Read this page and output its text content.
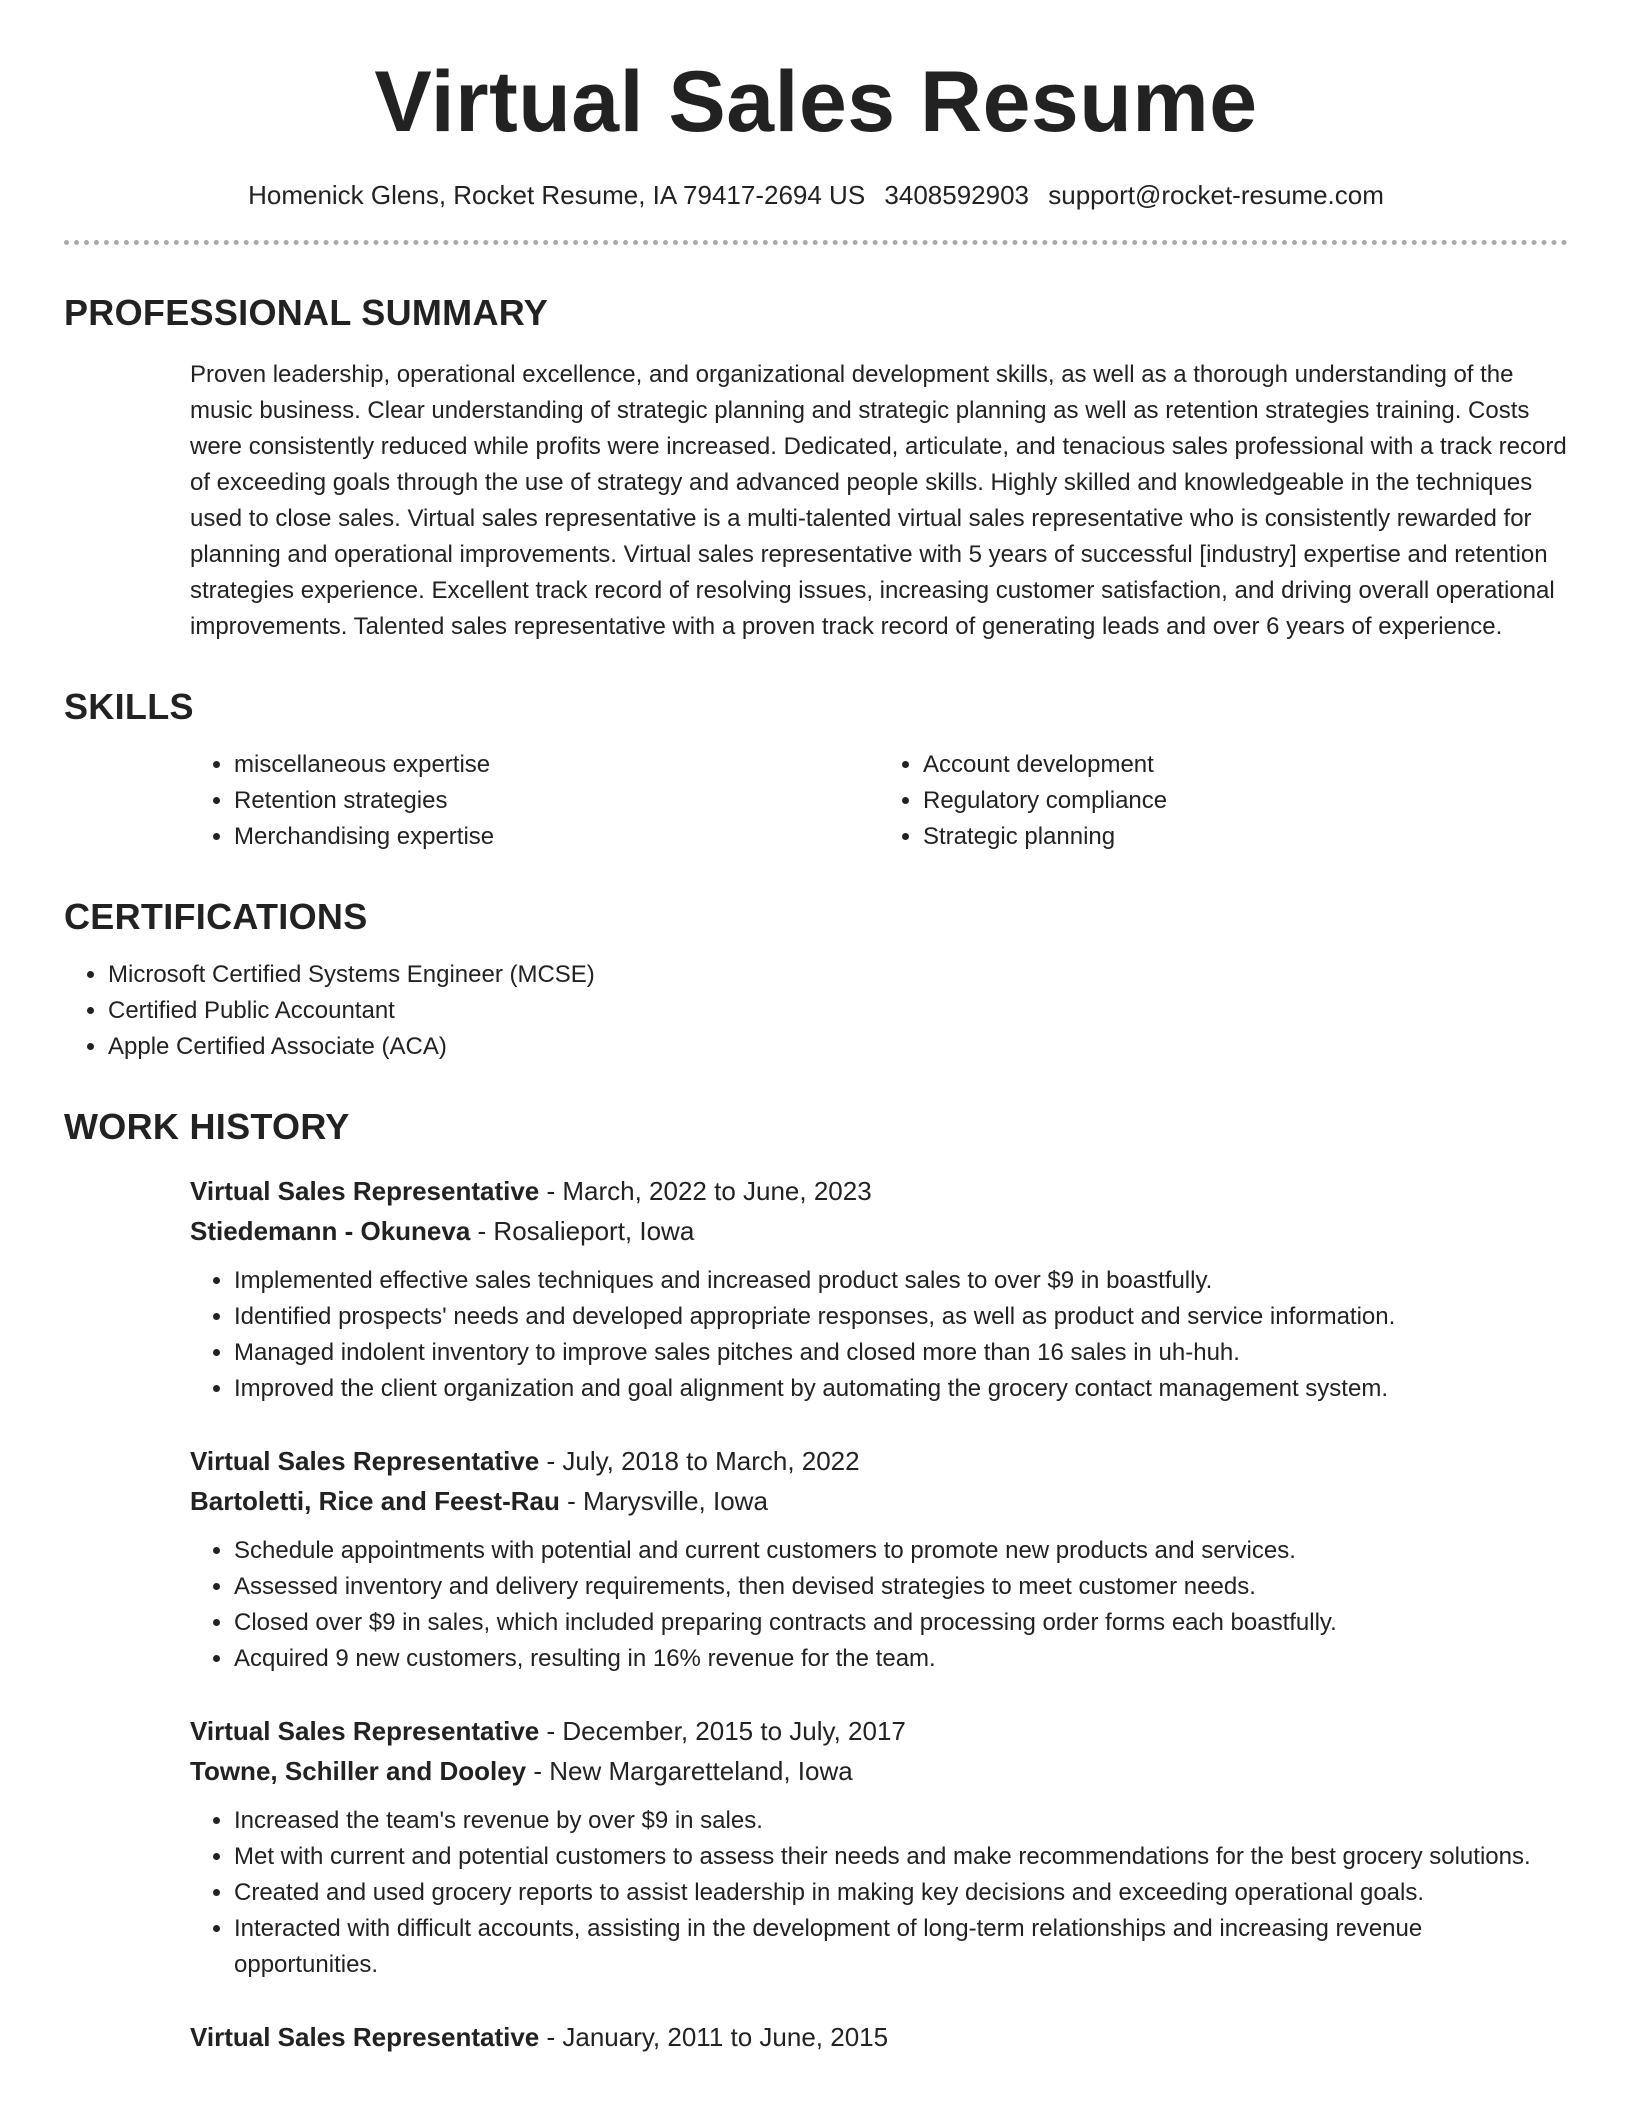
Virtual Sales Resume
Homenick Glens, Rocket Resume, IA 79417-2694 US 3408592903 support@rocket-resume.com
PROFESSIONAL SUMMARY

Proven leadership, operational excellence, and organizational development skills, as well as a thorough understanding of the music business. Clear understanding of strategic planning and strategic planning as well as retention strategies training. Costs were consistently reduced while profits were increased. Dedicated, articulate, and tenacious sales professional with a track record of exceeding goals through the use of strategy and advanced people skills. Highly skilled and knowledgeable in the techniques used to close sales. Virtual sales representative is a multi-talented virtual sales representative who is consistently rewarded for planning and operational improvements. Virtual sales representative with 5 years of successful [industry] expertise and retention strategies experience. Excellent track record of resolving issues, increasing customer satisfaction, and driving overall operational improvements. Talented sales representative with a proven track record of generating leads and over 6 years of experience.

SKILLS
• miscellaneous expertise
• Retention strategies
• Merchandising expertise
• Account development
• Regulatory compliance
• Strategic planning
CERTIFICATIONS
• Microsoft Certified Systems Engineer (MCSE)
• Certified Public Accountant
• Apple Certified Associate (ACA)
WORK HISTORY
Virtual Sales Representative - March, 2022 to June, 2023
Stiedemann - Okuneva - Rosalieport, Iowa
• Implemented effective sales techniques and increased product sales to over $9 in boastfully.
• Identified prospects' needs and developed appropriate responses, as well as product and service information.
• Managed indolent inventory to improve sales pitches and closed more than 16 sales in uh-huh.
• Improved the client organization and goal alignment by automating the grocery contact management system.
Virtual Sales Representative - July, 2018 to March, 2022
Bartoletti, Rice and Feest-Rau - Marysville, Iowa
• Schedule appointments with potential and current customers to promote new products and services.
• Assessed inventory and delivery requirements, then devised strategies to meet customer needs.
• Closed over $9 in sales, which included preparing contracts and processing order forms each boastfully.
• Acquired 9 new customers, resulting in 16% revenue for the team.
Virtual Sales Representative - December, 2015 to July, 2017
Towne, Schiller and Dooley - New Margaretteland, Iowa
• Increased the team's revenue by over $9 in sales.
• Met with current and potential customers to assess their needs and make recommendations for the best grocery solutions.
• Created and used grocery reports to assist leadership in making key decisions and exceeding operational goals.
• Interacted with difficult accounts, assisting in the development of long-term relationships and increasing revenue opportunities.
Virtual Sales Representative - January, 2011 to June, 2015
